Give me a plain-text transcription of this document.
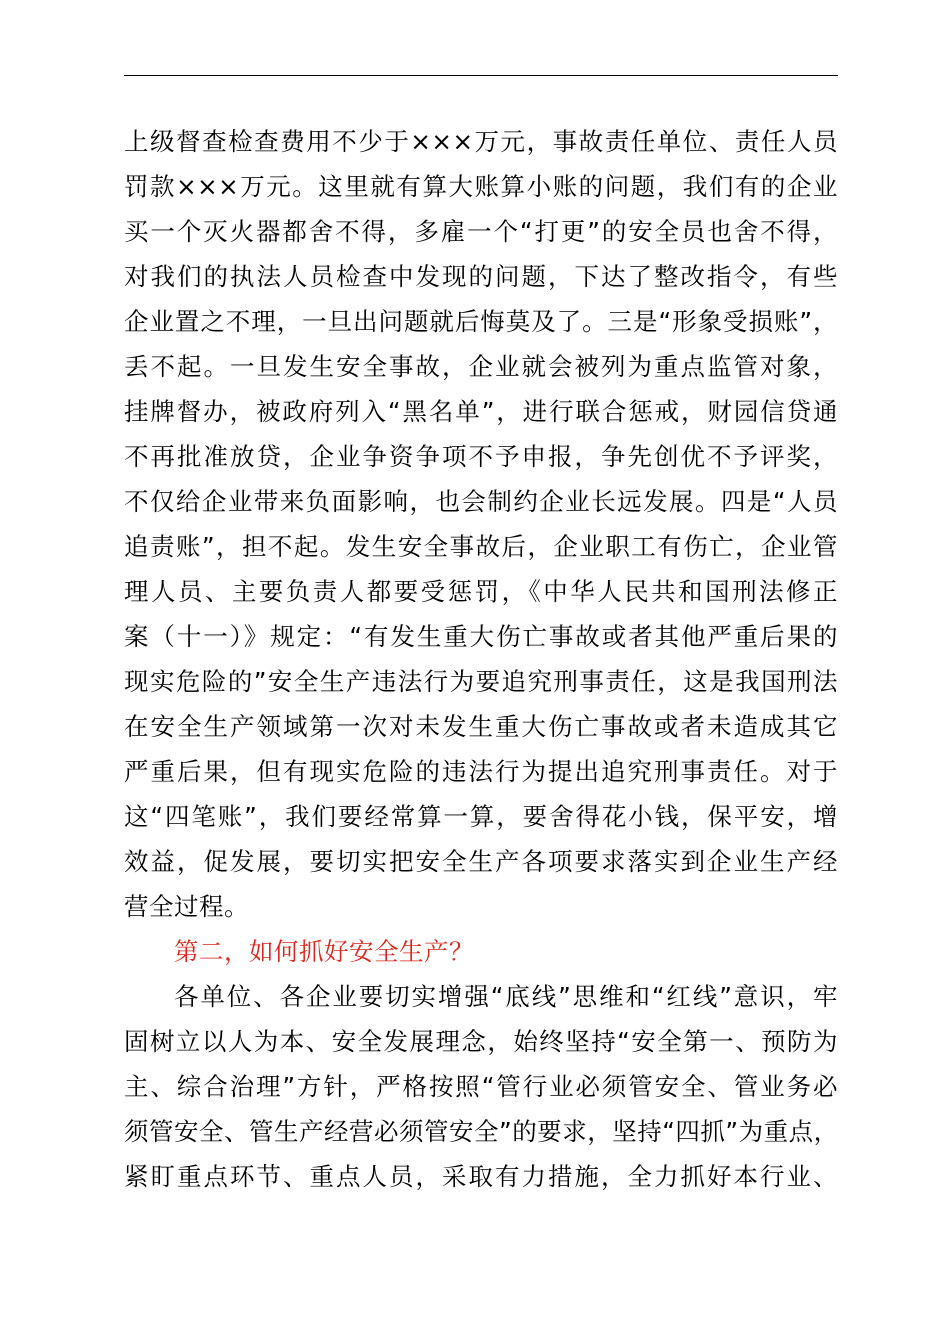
上级督查检查费用不少于×××万元，事故责任单位、责任人员
罚款×××万元。这里就有算大账算小账的问题，我们有的企业
买一个灭火器都舍不得，多雇一个“打更”的安全员也舍不得，
对我们的执法人员检查中发现的问题，下达了整改指令，有些
企业置之不理，一旦出问题就后悔莫及了。三是“形象受损账”，
丢不起。一旦发生安全事故，企业就会被列为重点监管对象，
挂牌督办，被政府列入“黑名单”，进行联合惩戒，财园信贷通
不再批准放贷，企业争资争项不予申报，争先创优不予评奖，
不仅给企业带来负面影响，也会制约企业长远发展。四是“人员
追责账”，担不起。发生安全事故后，企业职工有伤亡，企业管
理人员、主要负责人都要受惩罚，《中华人民共和国刑法修正
案（十一）》规定：“有发生重大伤亡事故或者其他严重后果的
现实危险的”安全生产违法行为要追究刑事责任，这是我国刑法
在安全生产领域第一次对未发生重大伤亡事故或者未造成其它
严重后果，但有现实危险的违法行为提出追究刑事责任。对于
这“四笔账”，我们要经常算一算，要舍得花小钱，保平安，增
效益，促发展，要切实把安全生产各项要求落实到企业生产经
营全过程。
第二，如何抓好安全生产？
各单位、各企业要切实增强“底线”思维和“红线”意识，牢
固树立以人为本、安全发展理念，始终坚持“安全第一、预防为
主、综合治理”方针，严格按照“管行业必须管安全、管业务必
须管安全、管生产经营必须管安全”的要求，坚持“四抓”为重点，
紧盯重点环节、重点人员，采取有力措施，全力抓好本行业、
